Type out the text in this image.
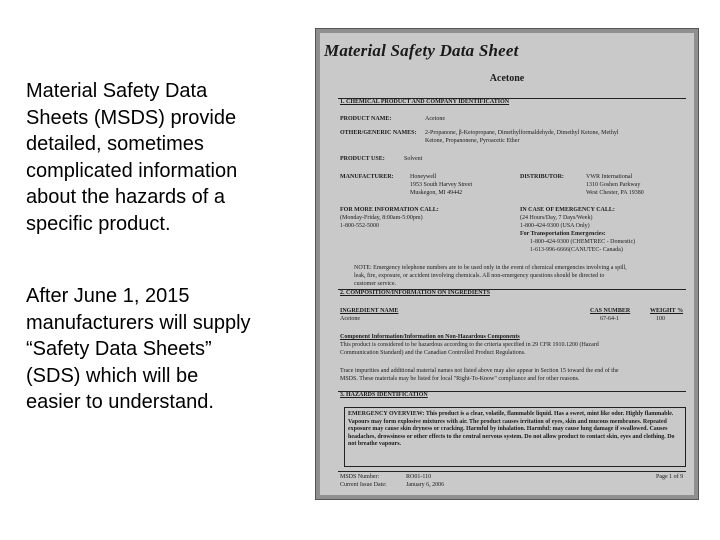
Material Safety Data
Sheets (MSDS) provide
detailed, sometimes
complicated information
about the hazards of a
specific product.
After June 1, 2015
manufacturers will supply
“Safety Data Sheets”
(SDS) which will be
easier to understand.
Material Safety Data Sheet
Acetone
1. CHEMICAL PRODUCT AND COMPANY IDENTIFICATION
PRODUCT NAME:	Acetone
OTHER/GENERIC NAMES: 2-Propanone, β-Ketopropane, Dimethylformaldehyde, Dimethyl Ketone, Methyl
Ketone, Propanonene, Pyroacetic Ether
PRODUCT USE:	Solvent
MANUFACTURER:	Honeywell
1953 South Harvey Street
Muskegon, MI 49442
DISTRIBUTOR:	VWR International
1310 Goshen Parkway
West Chester, PA 19380
FOR MORE INFORMATION CALL:
(Monday-Friday, 8:00am-5:00pm)
1-800-552-5000
IN CASE OF EMERGENCY CALL:
(24 Hours/Day, 7 Days/Week)
1-800-424-9300 (USA Only)
For Transportation Emergencies:
1-800-424-9300 (CHEMTREC - Domestic)
1-613-996-6666(CANUTEC- Canada)
NOTE: Emergency telephone numbers are to be used only in the event of chemical emergencies involving a spill,
leak, fire, exposure, or accident involving chemicals. All non-emergency questions should be directed to
customer service.
2. COMPOSITION/INFORMATION ON INGREDIENTS
INGREDIENT NAME	CAS NUMBER	WEIGHT %
Acetone	67-64-1	100
Component Information/Information on Non-Hazardous Components
This product is considered to be hazardous according to the criteria specified in 29 CFR 1910.1200 (Hazard
Communication Standard) and the Canadian Controlled Product Regulations.
Trace impurities and additional material names not listed above may also appear in Section 15 toward the end of the
MSDS. These materials may be listed for local "Right-To-Know" compliance and for other reasons.
3. HAZARDS IDENTIFICATION
EMERGENCY OVERVIEW: This product is a clear, volatile, flammable liquid. Has a sweet, mint like odor. Highly flammable. Vapours may form explosive mixtures with air. The product causes irritation of eyes, skin and mucous membranes. Repeated exposure may cause skin dryness or cracking. Harmful by inhalation. Harmful: may cause lung damage if swallowed. Causes headaches, drowsiness or other effects to the central nervous system. Do not allow product to contact skin, eyes and clothing. Do not breathe vapours.
MSDS Number:	RO01-110
Current Issue Date:	January 6, 2006
Page 1 of 9
